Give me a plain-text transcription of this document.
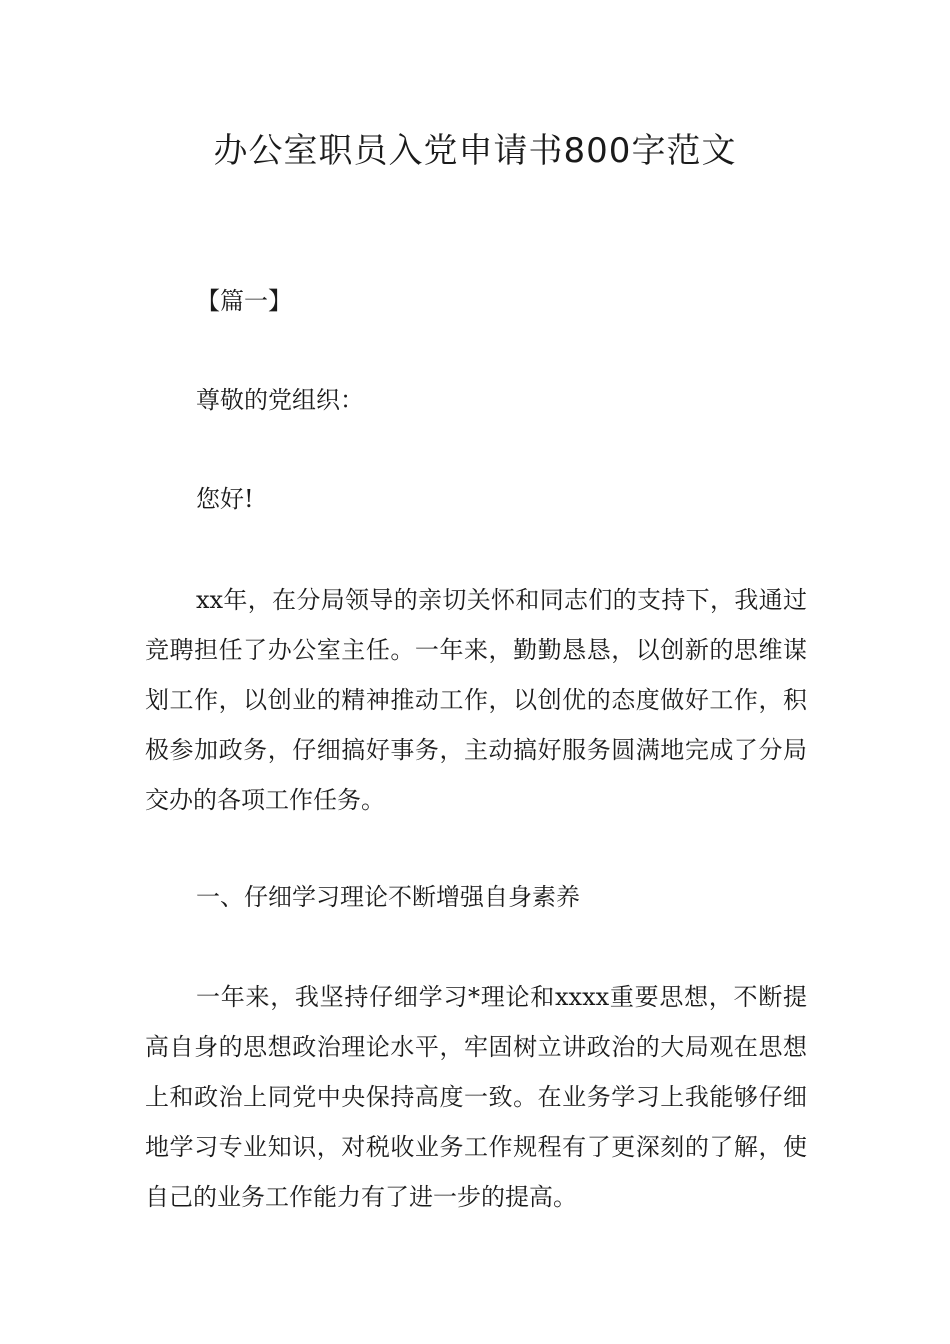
办公室职员入党申请书800字范文
【篇一】
尊敬的党组织：
您好!

xx年，在分局领导的亲切关怀和同志们的支持下，我通过竞聘担任了办公室主任。一年来，勤勤恳恳，以创新的思维谋划工作，以创业的精神推动工作，以创优的态度做好工作，积极参加政务，仔细搞好事务，主动搞好服务圆满地完成了分局交办的各项工作任务。

一、仔细学习理论不断增强自身素养

一年来，我坚持仔细学习*理论和xxxx重要思想，不断提高自身的思想政治理论水平，牢固树立讲政治的大局观在思想上和政治上同党中央保持高度一致。在业务学习上我能够仔细地学习专业知识，对税收业务工作规程有了更深刻的了解，使自己的业务工作能力有了进一步的提高。
